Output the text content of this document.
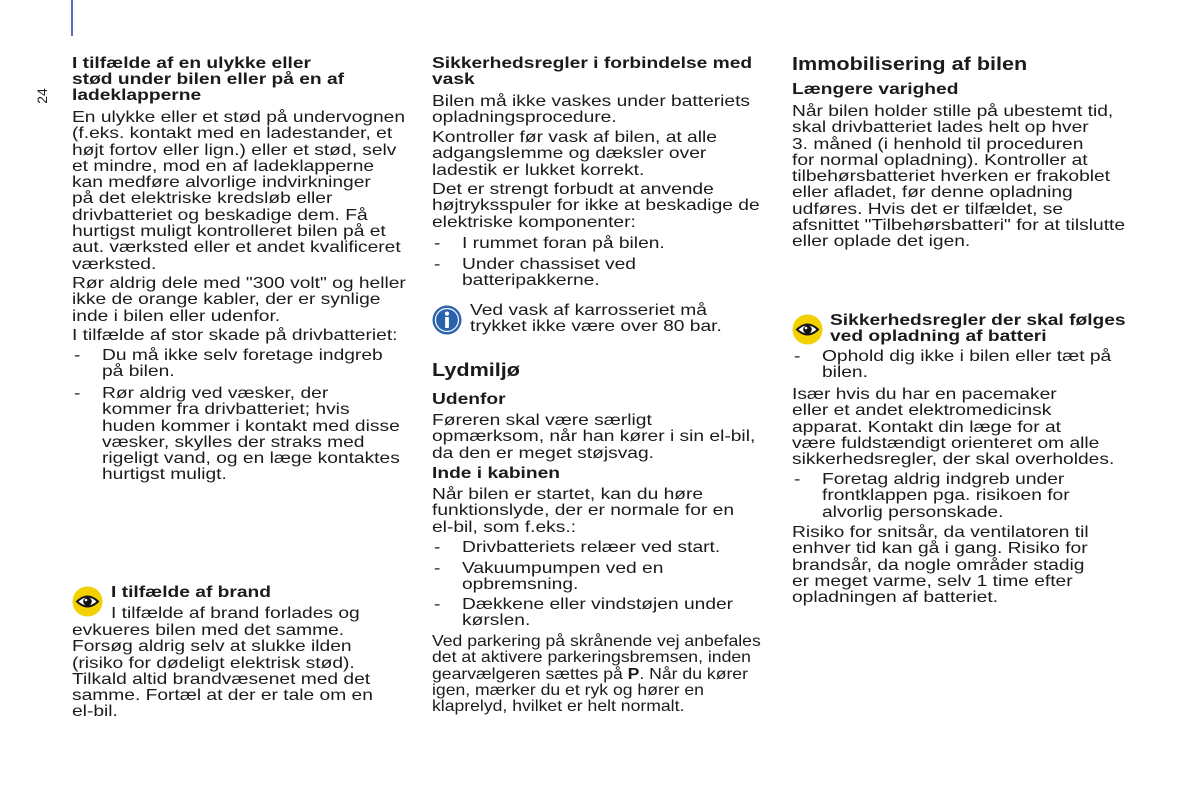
24
I tilfælde af en ulykke eller
stød under bilen eller på en af
ladeklapperne
En ulykke eller et stød på undervognen
(f.eks. kontakt med en ladestander, et
højt fortov eller lign.) eller et stød, selv
et mindre, mod en af ladeklapperne
kan medføre alvorlige indvirkninger
på det elektriske kredsløb eller
drivbatteriet og beskadige dem. Få
hurtigst muligt kontrolleret bilen på et
aut. værksted eller et andet kvalificeret
værksted.
Rør aldrig dele med "300 volt" og heller
ikke de orange kabler, der er synlige
inde i bilen eller udenfor.
I tilfælde af stor skade på drivbatteriet:
- Du må ikke selv foretage indgreb
på bilen.
- Rør aldrig ved væsker, der
kommer fra drivbatteriet; hvis
huden kommer i kontakt med disse
væsker, skylles der straks med
rigeligt vand, og en læge kontaktes
hurtigst muligt.
I tilfælde af brand
I tilfælde af brand forlades og
evkueres bilen med det samme.
Forsøg aldrig selv at slukke ilden
(risiko for dødeligt elektrisk stød).
Tilkald altid brandvæsenet med det
samme. Fortæl at der er tale om en
el-bil.
Sikkerhedsregler i forbindelse med
vask
Bilen må ikke vaskes under batteriets
opladningsprocedure.
Kontroller før vask af bilen, at alle
adgangslemme og dæksler over
ladestik er lukket korrekt.
Det er strengt forbudt at anvende
højtryksspuler for ikke at beskadige de
elektriske komponenter:
- I rummet foran på bilen.
- Under chassiset ved
batteripakkerne.
Ved vask af karrosseriet må
trykket ikke være over 80 bar.
Lydmiljø
Udenfor
Føreren skal være særligt
opmærksom, når han kører i sin el-bil,
da den er meget støjsvag.
Inde i kabinen
Når bilen er startet, kan du høre
funktionslyde, der er normale for en
el-bil, som f.eks.:
- Drivbatteriets relæer ved start.
- Vakuumpumpen ved en
opbremsning.
- Dækkene eller vindstøjen under
kørslen.
Ved parkering på skrånende vej anbefales
det at aktivere parkeringsbremsen, inden
gearvælgeren sættes på P. Når du kører
igen, mærker du et ryk og hører en
klaprelyd, hvilket er helt normalt.
Immobilisering af bilen
Længere varighed
Når bilen holder stille på ubestemt tid,
skal drivbatteriet lades helt op hver
3. måned (i henhold til proceduren
for normal opladning). Kontroller at
tilbehørsbatteriet hverken er frakoblet
eller afladet, før denne opladning
udføres. Hvis det er tilfældet, se
afsnittet "Tilbehørsbatteri" for at tilslutte
eller oplade det igen.
Sikkerhedsregler der skal følges
ved opladning af batteri
- Ophold dig ikke i bilen eller tæt på
bilen.
Især hvis du har en pacemaker
eller et andet elektromedicinsk
apparat. Kontakt din læge for at
være fuldstændigt orienteret om alle
sikkerhedsregler, der skal overholdes.
- Foretag aldrig indgreb under
frontklappen pga. risikoen for
alvorlig personskade.
Risiko for snitsår, da ventilatoren til
enhver tid kan gå i gang. Risiko for
brandsår, da nogle områder stadig
er meget varme, selv 1 time efter
opladningen af batteriet.
